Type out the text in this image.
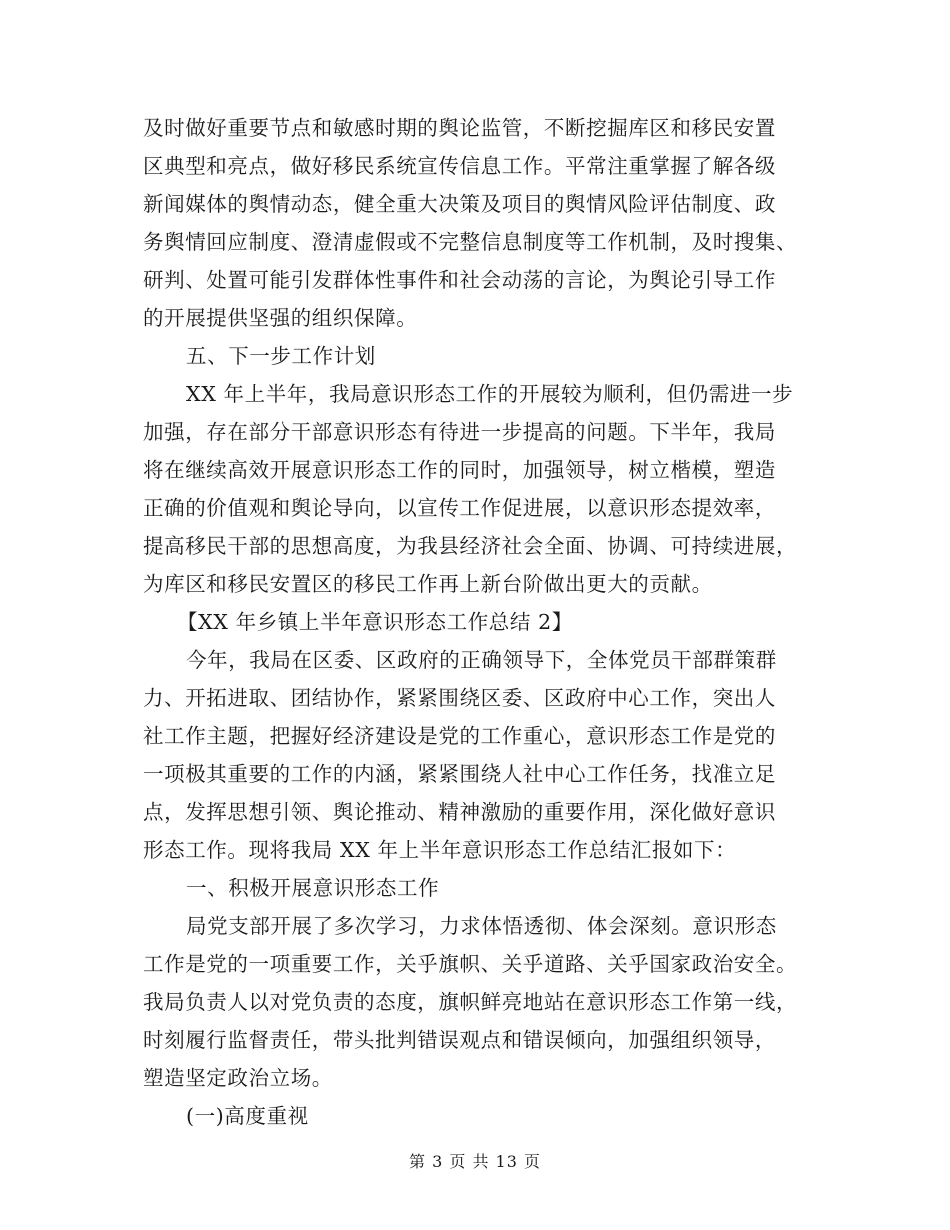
及时做好重要节点和敏感时期的舆论监管，不断挖掘库区和移民安置
区典型和亮点，做好移民系统宣传信息工作。平常注重掌握了解各级
新闻媒体的舆情动态，健全重大决策及项目的舆情风险评估制度、政
务舆情回应制度、澄清虚假或不完整信息制度等工作机制，及时搜集、
研判、处置可能引发群体性事件和社会动荡的言论，为舆论引导工作
的开展提供坚强的组织保障。
五、下一步工作计划
XX 年上半年，我局意识形态工作的开展较为顺利，但仍需进一步
加强，存在部分干部意识形态有待进一步提高的问题。下半年，我局
将在继续高效开展意识形态工作的同时，加强领导，树立楷模，塑造
正确的价值观和舆论导向，以宣传工作促进展，以意识形态提效率，
提高移民干部的思想高度，为我县经济社会全面、协调、可持续进展，
为库区和移民安置区的移民工作再上新台阶做出更大的贡献。
【XX 年乡镇上半年意识形态工作总结 2】
今年，我局在区委、区政府的正确领导下，全体党员干部群策群
力、开拓进取、团结协作，紧紧围绕区委、区政府中心工作，突出人
社工作主题，把握好经济建设是党的工作重心，意识形态工作是党的
一项极其重要的工作的内涵，紧紧围绕人社中心工作任务，找准立足
点，发挥思想引领、舆论推动、精神激励的重要作用，深化做好意识
形态工作。现将我局 XX 年上半年意识形态工作总结汇报如下：
一、积极开展意识形态工作
局党支部开展了多次学习，力求体悟透彻、体会深刻。意识形态
工作是党的一项重要工作，关乎旗帜、关乎道路、关乎国家政治安全。
我局负责人以对党负责的态度，旗帜鲜亮地站在意识形态工作第一线，
时刻履行监督责任，带头批判错误观点和错误倾向，加强组织领导，
塑造坚定政治立场。
(一)高度重视
第 3 页 共 13 页
